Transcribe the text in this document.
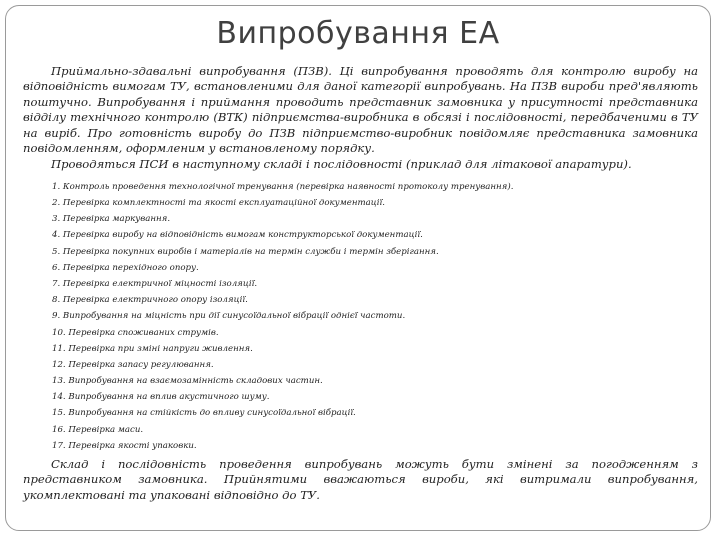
Випробування ЕА

Приймально-здавальні випробування (ПЗВ). Ці випробування проводять для контролю виробу на відповідність вимогам ТУ, встановленими для даної категорії випробувань. На ПЗВ вироби пред'являють поштучно. Випробування і приймання проводить представник замовника у присутності представника відділу технічного контролю (ВТК) підприємства-виробника в обсязі і послідовності, передбаченими в ТУ на виріб. Про готовність виробу до ПЗВ підприємство-виробник повідомляє представника замовника повідомленням, оформленим у встановленому порядку.

Проводяться ПСИ в наступному складі і послідовності (приклад для літакової апаратури).

1. Контроль проведення технологічної тренування (перевірка наявності протоколу тренування).
2. Перевірка комплектності та якості експлуатаційної документації.
3. Перевірка маркування.
4. Перевірка виробу на відповідність вимогам конструкторської документації.
5. Перевірка покупних виробів і матеріалів на термін служби і термін зберігання.
6. Перевірка перехідного опору.
7. Перевірка електричної міцності ізоляції.
8. Перевірка електричного опору ізоляції.
9. Випробування на міцність при дії синусоїдальної вібрації однієї частоти.
10. Перевірка споживаних струмів.
11. Перевірка при зміні напруги живлення.
12. Перевірка запасу регулювання.
13. Випробування на взаємозамінність складових частин.
14. Випробування на вплив акустичного шуму.
15. Випробування на стійкість до впливу синусоїдальної вібрації.
16. Перевірка маси.
17. Перевірка якості упаковки.

Склад і послідовність проведення випробувань можуть бути змінені за погодженням з представником замовника. Прийнятими вважаються вироби, які витримали випробування, укомплектовані та упаковані відповідно до ТУ.
